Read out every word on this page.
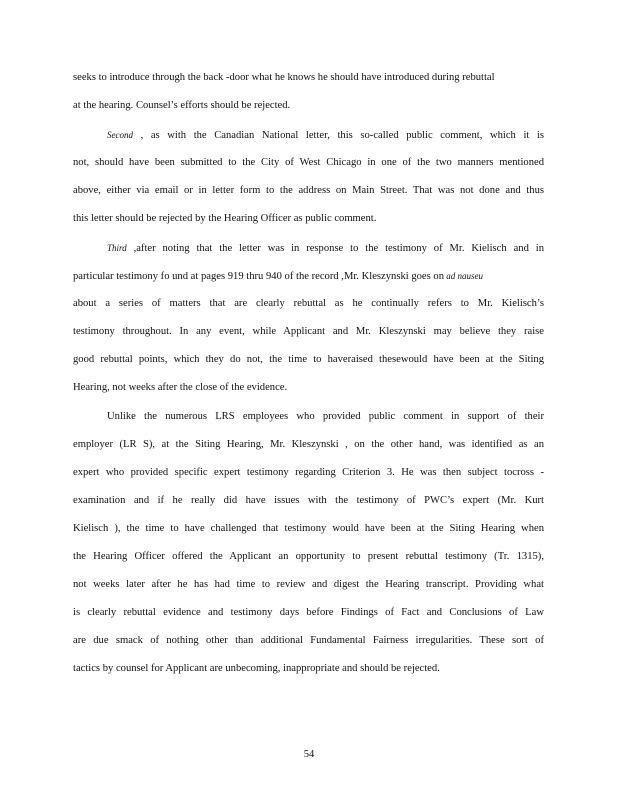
54
seeks to introduce through the back -door what he knows he should have introduced during rebuttal
at the hearing. Counsel’s efforts should be rejected.
Second , as with the Canadian National letter, this so-called public comment, which it is
not, should have been submitted to the City of West Chicago in one of the two manners mentioned
above, either via email or in letter form to the address on Main Street. That was not done and thus
this letter should be rejected by the Hearing Officer as public comment.
Third ,after noting that the letter was in response to the testimony of Mr. Kielisch and in
particular testimony fo und at pages 919 thru 940 of the record ,Mr. Kleszynski goes on ad nauseu
about a series of matters that are clearly rebuttal as he continually refers to Mr. Kielisch’s
testimony throughout. In any event, while Applicant and Mr. Kleszynski may believe they raise
good rebuttal points, which they do not, the time to haveraised thesewould have been at the Siting
Hearing, not weeks after the close of the evidence.
Unlike the numerous LRS employees who provided public comment in support of their
employer (LR S), at the Siting Hearing, Mr. Kleszynski , on the other hand, was identified as an
expert who provided specific expert testimony regarding Criterion 3. He was then subject tocross -
examination and if he really did have issues with the testimony of PWC’s expert (Mr. Kurt
Kielisch ), the time to have challenged that testimony would have been at the Siting Hearing when
the Hearing Officer offered the Applicant an opportunity to present rebuttal testimony (Tr. 1315),
not weeks later after he has had time to review and digest the Hearing transcript. Providing what
is clearly rebuttal evidence and testimony days before Findings of Fact and Conclusions of Law
are due smack of nothing other than additional Fundamental Fairness irregularities. These sort of
tactics by counsel for Applicant are unbecoming, inappropriate and should be rejected.
